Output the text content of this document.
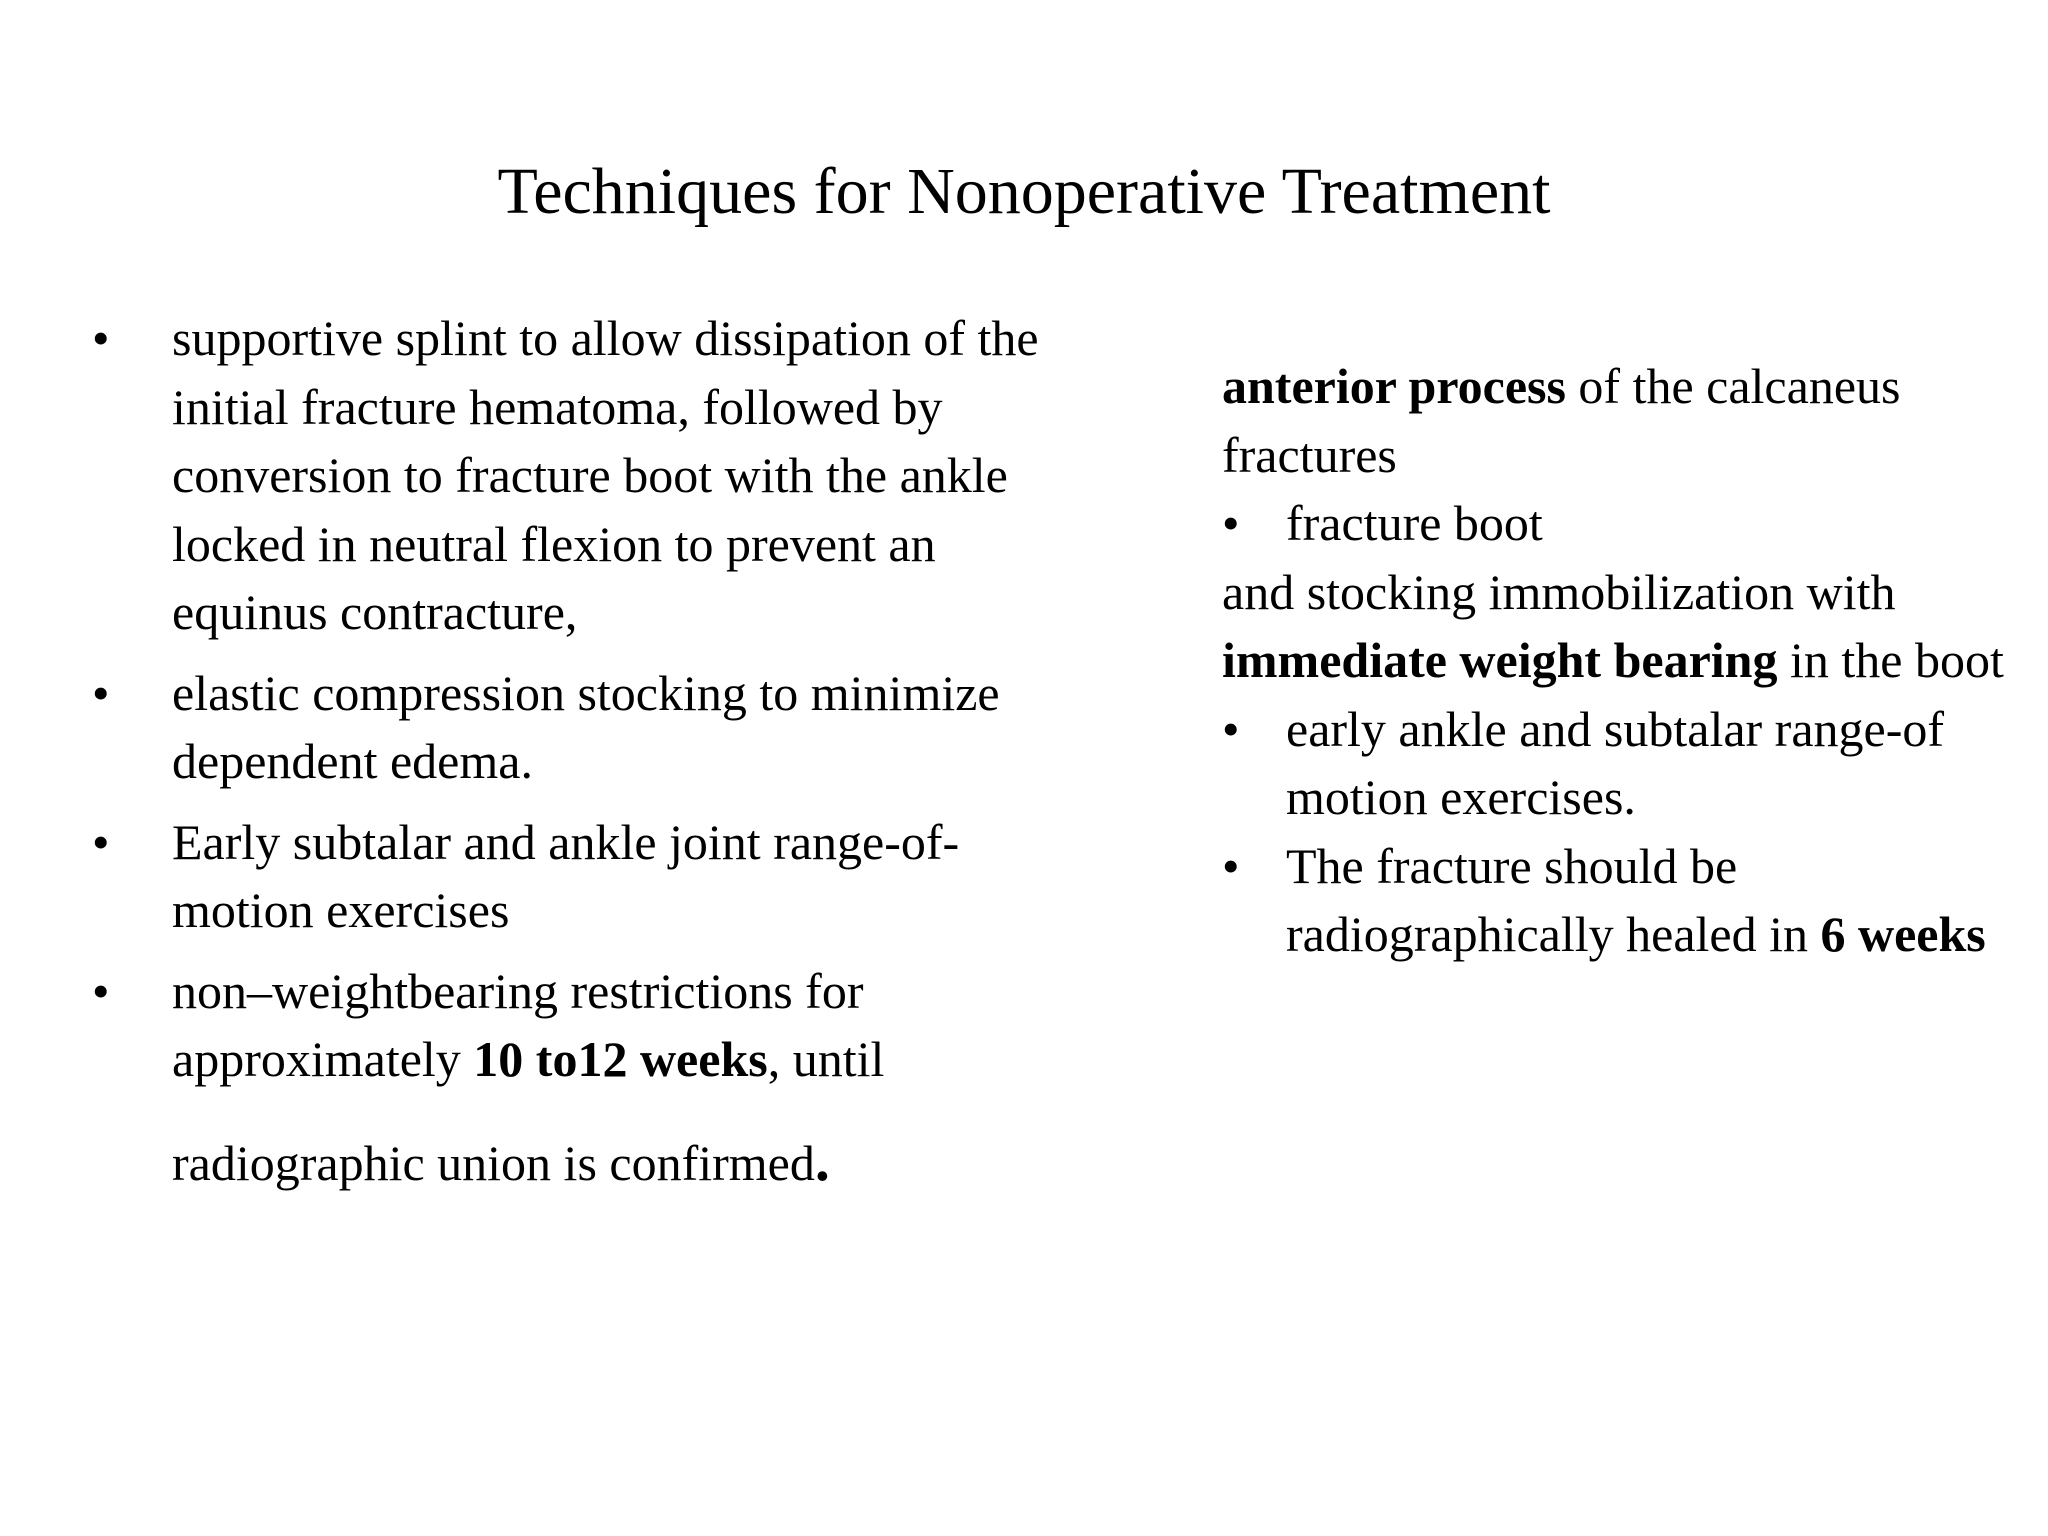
Techniques for Nonoperative Treatment
•	supportive splint to allow dissipation of the initial fracture hematoma, followed by conversion to fracture boot with the ankle locked in neutral flexion to prevent an equinus contracture,
•	elastic compression stocking to minimize dependent edema.
•	Early subtalar and ankle joint range-of-motion exercises
•	non–weightbearing restrictions for approximately 10 to12 weeks, until
radiographic union is confirmed.
anterior process of the calcaneus fractures
• fracture boot
and stocking immobilization with immediate weight bearing in the boot
• early ankle and subtalar range-of motion exercises.
• The fracture should be radiographically healed in 6 weeks
